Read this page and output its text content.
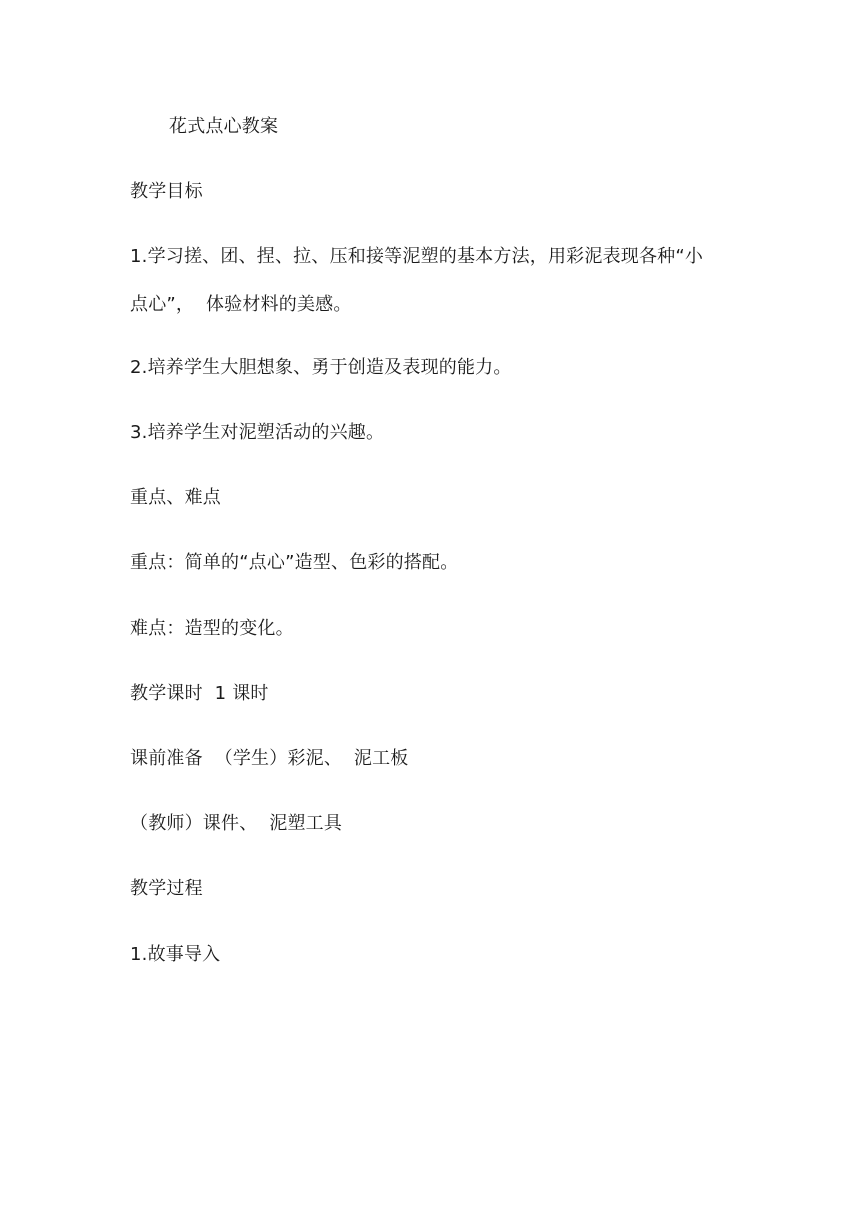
花式点心教案
教学目标
1.学习搓、团、捏、拉、压和接等泥塑的基本方法，用彩泥表现各种“小
点心”，  体验材料的美感。
2.培养学生大胆想象、勇于创造及表现的能力。
3.培养学生对泥塑活动的兴趣。
重点、难点
重点：简单的“点心”造型、色彩的搭配。
难点：造型的变化。
教学课时  1 课时
课前准备  （学生）彩泥、  泥工板
（教师）课件、  泥塑工具
教学过程
1.故事导入
